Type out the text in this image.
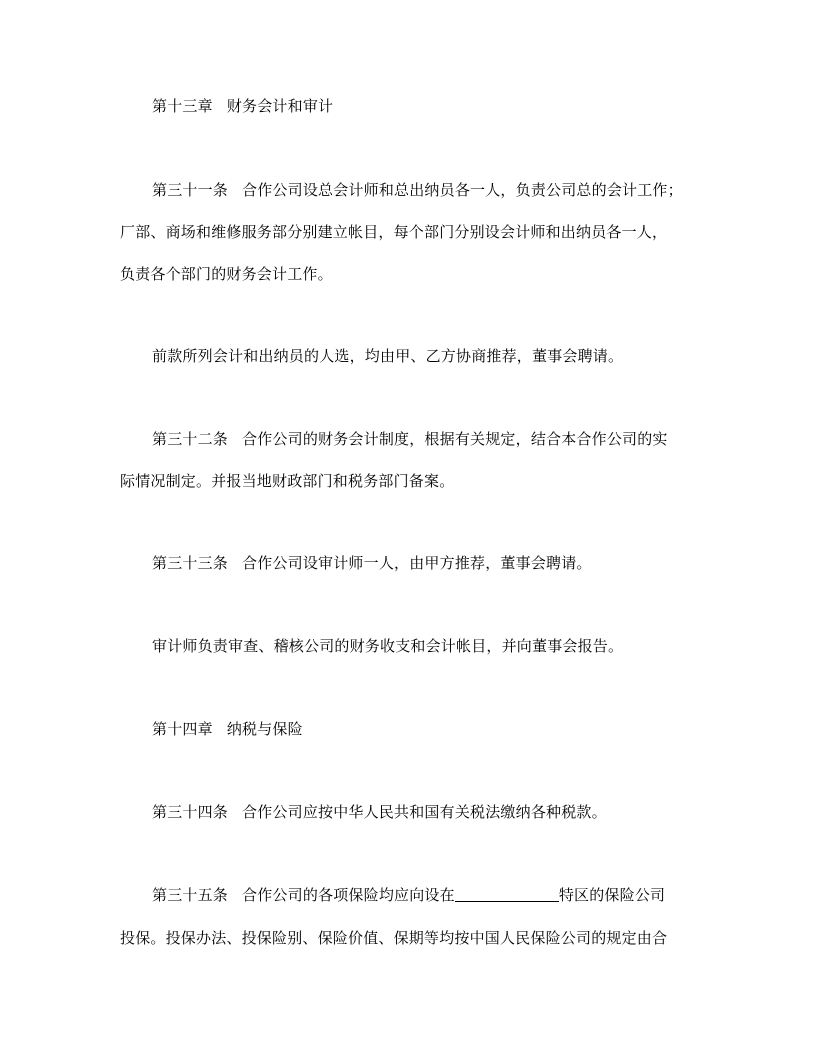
第十三章 财务会计和审计
第三十一条 合作公司设总会计师和总出纳员各一人，负责公司总的会计工作；
厂部、商场和维修服务部分别建立帐目，每个部门分别设会计师和出纳员各一人，
负责各个部门的财务会计工作。
前款所列会计和出纳员的人选，均由甲、乙方协商推荐，董事会聘请。
第三十二条 合作公司的财务会计制度，根据有关规定，结合本合作公司的实
际情况制定。并报当地财政部门和税务部门备案。
第三十三条 合作公司设审计师一人，由甲方推荐，董事会聘请。
审计师负责审查、稽核公司的财务收支和会计帐目，并向董事会报告。
第十四章 纳税与保险
第三十四条 合作公司应按中华人民共和国有关税法缴纳各种税款。
第三十五条 合作公司的各项保险均应向设在	特区的保险公司
投保。投保办法、投保险别、保险价值、保期等均按中国人民保险公司的规定由合
